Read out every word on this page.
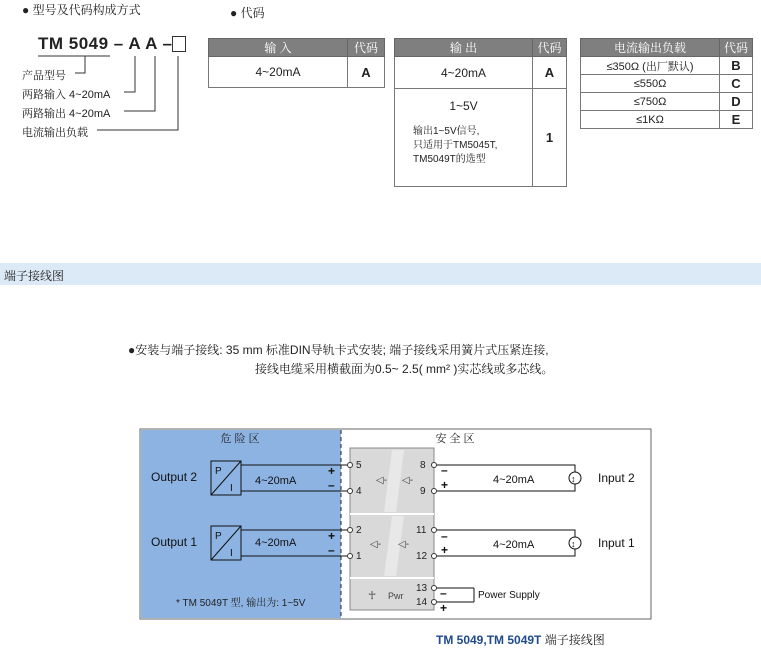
● 型号及代码构成方式
TM 5049 – A A –
产品型号
两路输入 4~20mA
两路输出 4~20mA
电流输出负载
● 代码
输 入	代码
4~20mA	A
输 出	代码
4~20mA	A

1~5V
输出1~5V信号,
只适用于TM5045T,
TM5049T的选型	1
电流输出负载	代码
≤350Ω (出厂默认)	B
≤550Ω	C
≤750Ω	D
≤1KΩ	E
端子接线图
●安装与端子接线: 35 mm 标准DIN导轨卡式安装; 端子接线采用簧片式压紧连接,
接线电缆采用横截面为0.5~ 2.5( mm² )实芯线或多芯线。
危 险 区	安 全 区
◁- ◁-
◁- ◁-
☥ Pwr
5
4
2
1
8
9
11
12
13
14
Output 2 P
I
4~20mA
+
–
Output 1 P
I
4~20mA	+
–
↕
4~20mA	Input 2
–
+
↕
4~20mA	Input 1
–
+
–
+
Power Supply
* TM 5049T 型, 输出为: 1~5V
TM 5049,TM 5049T 端子接线图
